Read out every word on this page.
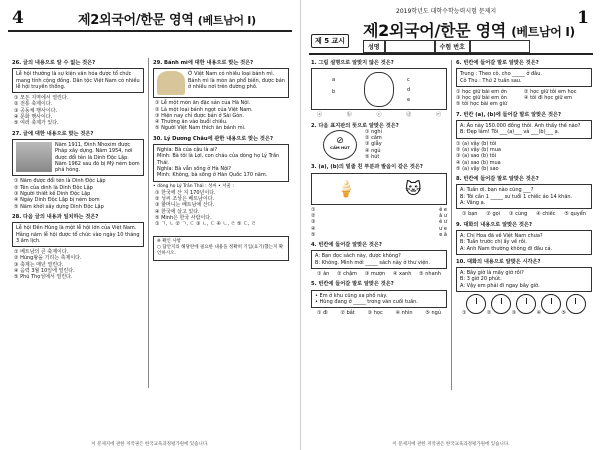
4	제2외국어/한문 영역 (베트남어 I)
26. 글의 내용으로 알 수 없는 것은?
Lễ hội thường là sự kiện văn hóa được tổ chức mang tính cộng đồng. Dân tộc Việt Nam có nhiều lễ hội truyền thống.
① 모든 지역에서 열린다.
② 전통 축제이다.
③ 공동체 행사이다.
④ 문화 행사이다.
⑤ 여러 축제가 있다.
27. 글에 대한 내용으로 맞는 것은?
Năm 1911, Đinh Nhoxim được Pháp xây dựng. Năm 1954, nơi được đổi tên là Dinh Độc Lập. Năm 1962 sau đó bị Mỹ ném bom phá hỏng.
① Năm được đổi tên là Dinh Độc Lập
② Tên của dinh là Dinh Độc Lập
③ Người thiết kế Dinh Độc Lập
④ Ngày Dinh Độc Lập bị ném bom
⑤ Năm khởi xây dựng Dinh Độc Lập
28. 다음 글의 내용과 일치하는 것은?
Lễ hội Đền Hùng là một lễ hội lớn của Việt Nam. Hằng năm lễ hội được tổ chức vào ngày 10 tháng 3 âm lịch.
① 베트남의 큰 축제이다.
② Hùng왕을 기리는 축제이다.
③ 축제는 매년 열린다.
④ 음력 3월 10일에 열린다.
⑤ Phú Thọ성에서 열린다.
29. Bánh mì에 대한 내용으로 맞는 것은?
Ở Việt Nam có nhiều loại bánh mì. Bánh mì là món ăn phổ biến, được bán ở nhiều nơi trên đường phố.
① Lễ một món ăn đặc sản của Hà Nội.
② Là một loại bánh ngọt của Việt Nam.
③ Hiện nay chỉ được bán ở Sài Gòn.
④ Thường ăn vào buổi chiều.
⑤ Người Việt Nam thích ăn bánh mì.
30. Lý Dương Châu에 관한 내용으로 맞는 것은?
Nghĩa: Bà của cậu là ai?
Minh: Bà tôi là Lợi, con cháu của dòng họ Lý Trần Thái.
Nghĩa: Bà vẫn sống ở Hà Nội?
Minh: Không, bà sống ở Hàn Quốc 170 năm.
• dòng họ Lý Trần Thái : 성씨 • 서울 :
① 한국에 산 지 170년이다.
② 성씨 조상은 베트남이다.
③ 할머니는 베트남에 산다.
④ 한국에 살고 있다.
⑤ Minh은 한국 사람이다.
① ㄱ, ㄴ ② ㄱ, ㄷ ③ ㄴ, ㄷ ④ ㄴ, ㄹ ⑤ ㄷ, ㄹ
※ 확인 사항
○ 답안지의 해당란에 필요한 내용을 정확히 기입(표기)했는지 확인하시오.
이 문제지에 관한 저작권은 한국교육과정평가원에 있습니다.
2019학년도 대학수학능력시험 문제지	1
제 5 교시
제2외국어/한문 영역 (베트남어 I)
성명	수험 번호
1. 그림 설명으로 알맞지 않은 것은?
a
b
c
d
e
ⓐ	ⓑ	ⓒ	ⓓ	ⓔ
2. 다음 표지판의 뜻으로 알맞은 것은?
⊘
CẤM HÚT
① nghỉ
② cấm
③ giẫy
④ ngủ
⑤ hút
3. (a), (b)의 밑줄 친 부분과 발음이 같은 것은?
🍦	🐱
①	ê e
②	â ư
③	ê ư
④	ư e
⑤	e â
4. 빈칸에 들어갈 알맞은 것은?
A: Bạn đọc sách này, được không?
B: Không. Mình mới _____ sách này ở thư viện.
① ăn ② chậm ③ mượn ④ xanh ⑤ nhanh
5. 빈칸에 들어갈 말로 알맞은 것은?
• Em ở khu cũng xa phố này.
• Hùng đang ở _____ trong văn cuối tuần.
① đi	② bắt	③ học	④ nhìn	⑤ ngủ
6. 빈칸에 들어갈 말로 알맞은 것은?
Trung : Theo cô, cho _____ ở đâu.
Cô Thu : Thứ 2 tuần sau.
① học giữ bài em ớn	② học giữ tôi em học
③ học giữ bài em ôn	④ tôi đi học giữ em
⑤ tôi học bài em giữ
7. 빈칸 (a), (b)에 들어갈 말로 알맞은 것은?
A: Áo này 150.000 đồng thôi. Anh thấy thế nào?
B: Đẹp lắm! Tôi ___(a)___ và ___(b)___ ạ.
① (a) vậy (b) tôi
② (a) vậy (b) mua
③ (a) sao (b) tôi
④ (a) sao (b) mua
⑤ (a) vậy (b) sao
8. 빈칸에 들어갈 말로 알맞은 것은?
A: Tuấn ơi, bạn nào cũng ___?
B: Tôi cần 1 _____ sư tuổi 1 chiếc áo 14 khăn.
A: Vâng ạ.
① bạn ② gọi ③ cùng ④ chiếc ⑤ quyển
9. 대화의 내용으로 알맞은 것은?
A: Chị Hoa đã về Việt Nam chưa?
B: Tuần trước chị ấy về rồi.
A: Anh Nam thường không đi đâu cả.
10. 대화의 내용으로 알맞은 시각은?
A: Bây giờ là mấy giờ rồi?
B: 3 giờ 20 phút.
A: Vậy em phải đi ngay bây giờ.
①	②	③	④	⑤
이 문제지에 관한 저작권은 한국교육과정평가원에 있습니다.
